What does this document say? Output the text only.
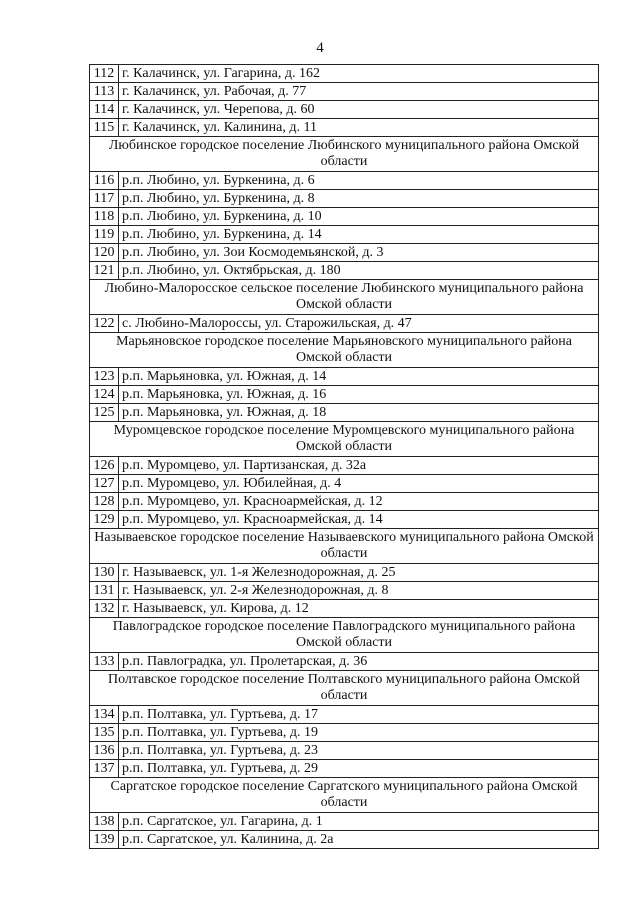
4
112	г. Калачинск, ул. Гагарина, д. 162
113	г. Калачинск, ул. Рабочая, д. 77
114	г. Калачинск, ул. Черепова, д. 60
115	г. Калачинск, ул. Калинина, д. 11
Любинское городское поселение Любинского муниципального района Омской области	
116	р.п. Любино, ул. Буркенина, д. 6
117	р.п. Любино, ул. Буркенина, д. 8
118	р.п. Любино, ул. Буркенина, д. 10
119	р.п. Любино, ул. Буркенина, д. 14
120	р.п. Любино, ул. Зои Космодемьянской, д. 3
121	р.п. Любино, ул. Октябрьская, д. 180
Любино-Малоросское сельское поселение Любинского муниципального района Омской области	
122	с. Любино-Малороссы, ул. Старожильская, д. 47
Марьяновское городское поселение Марьяновского муниципального района Омской области	
123	р.п. Марьяновка, ул. Южная, д. 14
124	р.п. Марьяновка, ул. Южная, д. 16
125	р.п. Марьяновка, ул. Южная, д. 18
Муромцевское городское поселение Муромцевского муниципального района Омской области	
126	р.п. Муромцево, ул. Партизанская, д. 32а
127	р.п. Муромцево, ул. Юбилейная, д. 4
128	р.п. Муромцево, ул. Красноармейская, д. 12
129	р.п. Муромцево, ул. Красноармейская, д. 14
Называевское городское поселение Называевского муниципального района Омской области	
130	г. Называевск, ул. 1-я Железнодорожная, д. 25
131	г. Называевск, ул. 2-я Железнодорожная, д. 8
132	г. Называевск, ул. Кирова, д. 12
Павлоградское городское поселение Павлоградского муниципального района Омской области	
133	р.п. Павлоградка, ул. Пролетарская, д. 36
Полтавское городское поселение Полтавского муниципального района Омской области	
134	р.п. Полтавка, ул. Гуртьева, д. 17
135	р.п. Полтавка, ул. Гуртьева, д. 19
136	р.п. Полтавка, ул. Гуртьева, д. 23
137	р.п. Полтавка, ул. Гуртьева, д. 29
Саргатское городское поселение Саргатского муниципального района Омской области	
138	р.п. Саргатское, ул. Гагарина, д. 1
139	р.п. Саргатское, ул. Калинина, д. 2а
